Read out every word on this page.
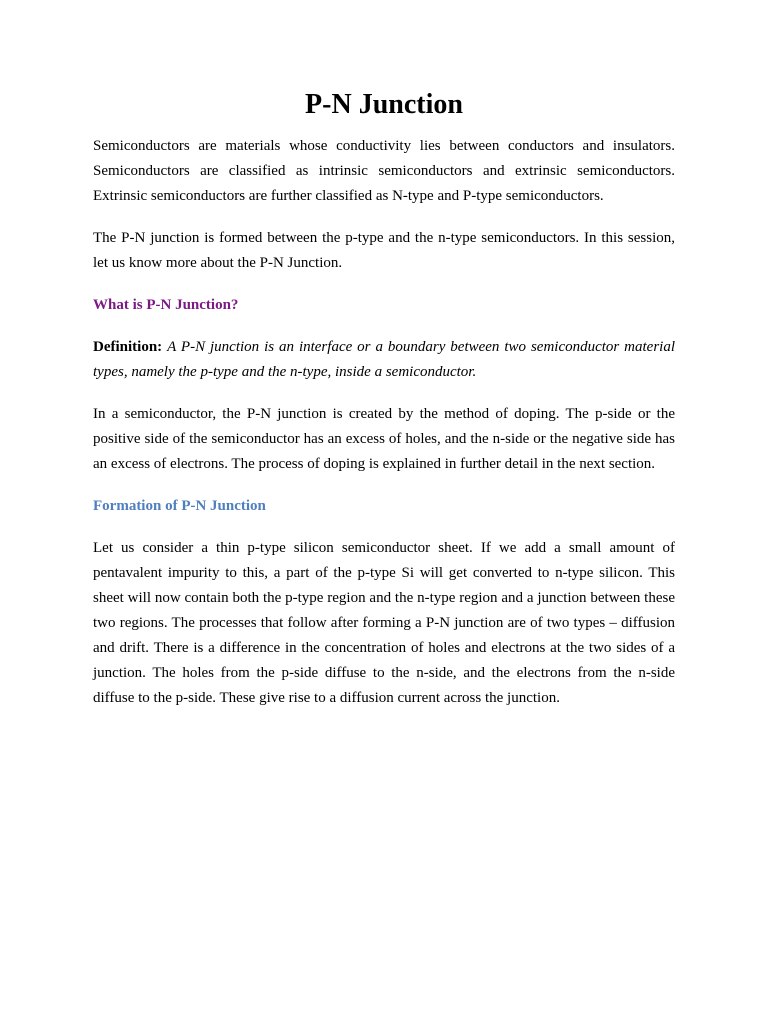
P-N Junction

Semiconductors are materials whose conductivity lies between conductors and insulators. Semiconductors are classified as intrinsic semiconductors and extrinsic semiconductors. Extrinsic semiconductors are further classified as N-type and P-type semiconductors.

The P-N junction is formed between the p-type and the n-type semiconductors. In this session, let us know more about the P-N Junction.

What is P-N Junction?

Definition: A P-N junction is an interface or a boundary between two semiconductor material types, namely the p-type and the n-type, inside a semiconductor.

In a semiconductor, the P-N junction is created by the method of doping. The p-side or the positive side of the semiconductor has an excess of holes, and the n-side or the negative side has an excess of electrons. The process of doping is explained in further detail in the next section.

Formation of P-N Junction

Let us consider a thin p-type silicon semiconductor sheet. If we add a small amount of pentavalent impurity to this, a part of the p-type Si will get converted to n-type silicon. This sheet will now contain both the p-type region and the n-type region and a junction between these two regions. The processes that follow after forming a P-N junction are of two types – diffusion and drift. There is a difference in the concentration of holes and electrons at the two sides of a junction. The holes from the p-side diffuse to the n-side, and the electrons from the n-side diffuse to the p-side. These give rise to a diffusion current across the junction.
